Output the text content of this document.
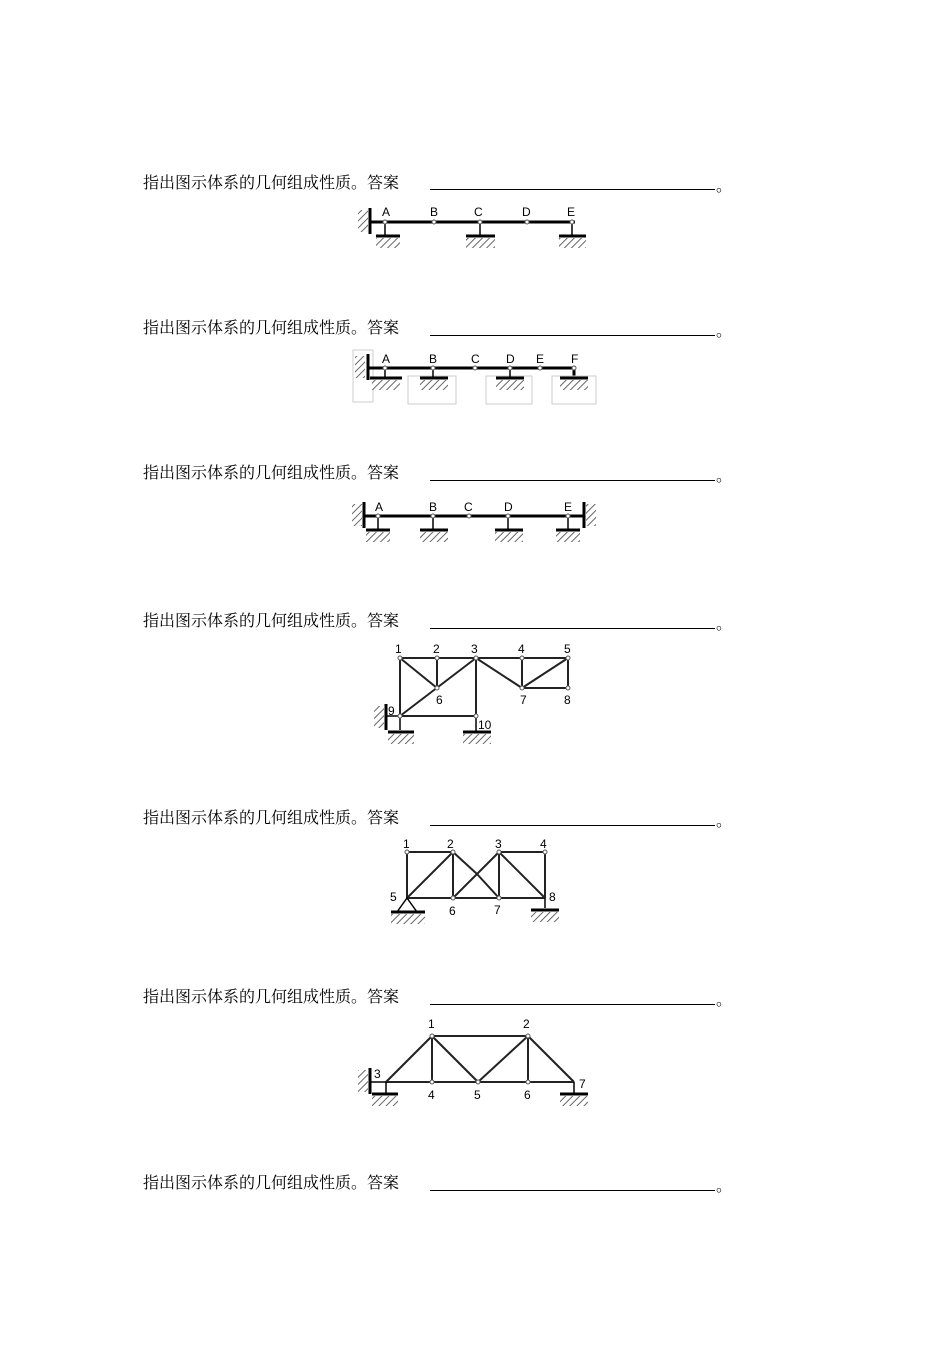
指出图示体系的几何组成性质。答案	。
A	B	C	D	E
指出图示体系的几何组成性质。答案	。
A	B	C D E F
指出图示体系的几何组成性质。答案	。
A	B C	D	E
指出图示体系的几何组成性质。答案	。
1	2	3	4	5
6	7	8
9
10
指出图示体系的几何组成性质。答案	。
1	2	3	4
5
6	7
8
指出图示体系的几何组成性质。答案	。
1	2
3
4	5	6
7
指出图示体系的几何组成性质。答案	。
